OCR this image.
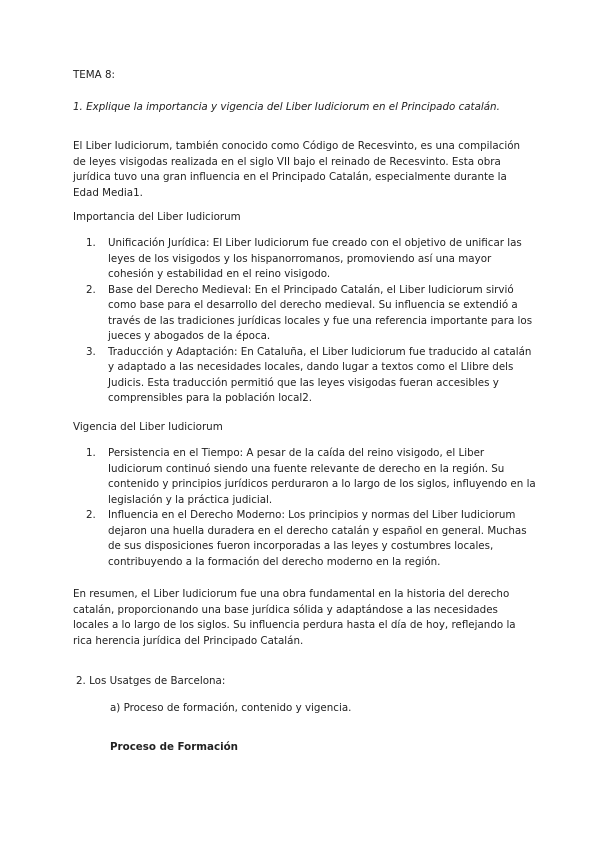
TEMA 8:

1. Explique la importancia y vigencia del Liber Iudiciorum en el Principado catalán.

El Liber Iudiciorum, también conocido como Código de Recesvinto, es una compilación de leyes visigodas realizada en el siglo VII bajo el reinado de Recesvinto. Esta obra jurídica tuvo una gran influencia en el Principado Catalán, especialmente durante la Edad Media1.

Importancia del Liber Iudiciorum

1. Unificación Jurídica: El Liber Iudiciorum fue creado con el objetivo de unificar las leyes de los visigodos y los hispanorromanos, promoviendo así una mayor cohesión y estabilidad en el reino visigodo.
2. Base del Derecho Medieval: En el Principado Catalán, el Liber Iudiciorum sirvió como base para el desarrollo del derecho medieval. Su influencia se extendió a través de las tradiciones jurídicas locales y fue una referencia importante para los jueces y abogados de la época.
3. Traducción y Adaptación: En Cataluña, el Liber Iudiciorum fue traducido al catalán y adaptado a las necesidades locales, dando lugar a textos como el Llibre dels Judicis. Esta traducción permitió que las leyes visigodas fueran accesibles y comprensibles para la población local2.

Vigencia del Liber Iudiciorum

1. Persistencia en el Tiempo: A pesar de la caída del reino visigodo, el Liber Iudiciorum continuó siendo una fuente relevante de derecho en la región. Su contenido y principios jurídicos perduraron a lo largo de los siglos, influyendo en la legislación y la práctica judicial.
2. Influencia en el Derecho Moderno: Los principios y normas del Liber Iudiciorum dejaron una huella duradera en el derecho catalán y español en general. Muchas de sus disposiciones fueron incorporadas a las leyes y costumbres locales, contribuyendo a la formación del derecho moderno en la región.

En resumen, el Liber Iudiciorum fue una obra fundamental en la historia del derecho catalán, proporcionando una base jurídica sólida y adaptándose a las necesidades locales a lo largo de los siglos. Su influencia perdura hasta el día de hoy, reflejando la rica herencia jurídica del Principado Catalán.

2. Los Usatges de Barcelona:

a) Proceso de formación, contenido y vigencia.

Proceso de Formación
